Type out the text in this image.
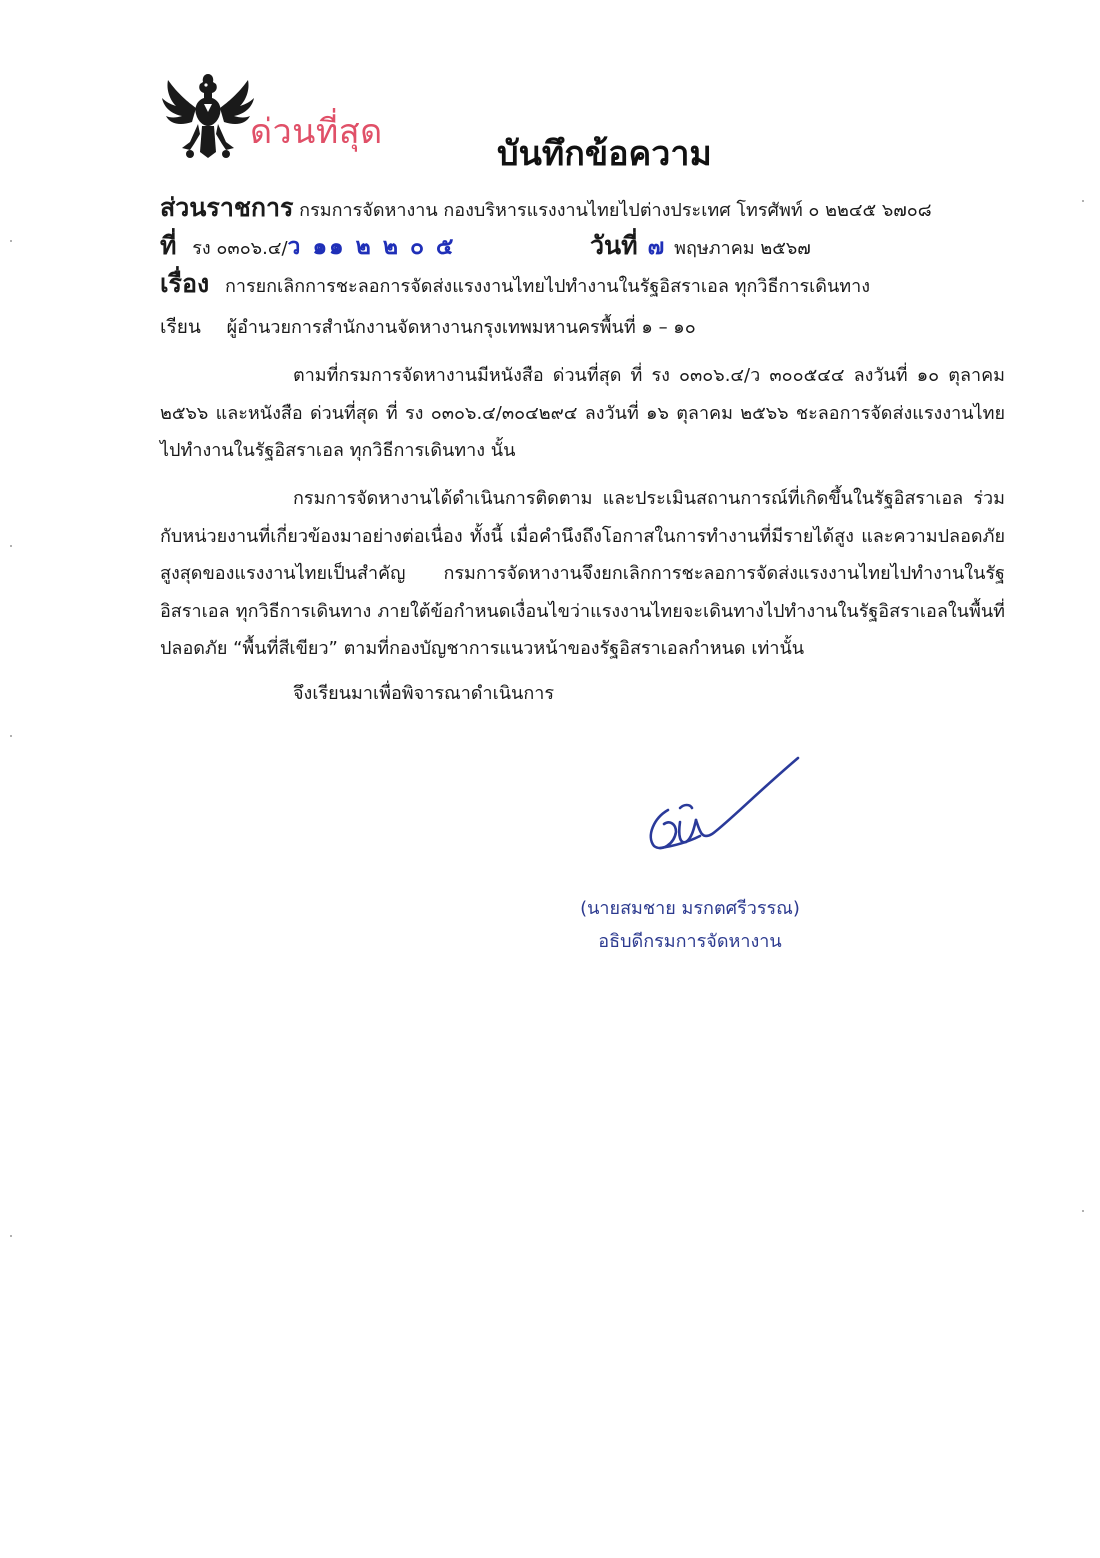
ด่วนที่สุด
บันทึกข้อความ
ส่วนราชการ กรมการจัดหางาน กองบริหารแรงงานไทยไปต่างประเทศ โทรศัพท์ ๐ ๒๒๔๕ ๖๗๐๘
ที่ รง ๐๓๐๖.๔/ว ๑๑ ๒ ๒ ๐ ๕	วันที่ ๗ พฤษภาคม ๒๕๖๗
เรื่อง การยกเลิกการชะลอการจัดส่งแรงงานไทยไปทำงานในรัฐอิสราเอล ทุกวิธีการเดินทาง
เรียน ผู้อำนวยการสำนักงานจัดหางานกรุงเทพมหานครพื้นที่ ๑ – ๑๐

ตามที่กรมการจัดหางานมีหนังสือ ด่วนที่สุด ที่ รง ๐๓๐๖.๔/ว ๓๐๐๕๔๔ ลงวันที่ ๑๐ ตุลาคม ๒๕๖๖ และหนังสือ ด่วนที่สุด ที่ รง ๐๓๐๖.๔/๓๐๔๒๙๔ ลงวันที่ ๑๖ ตุลาคม ๒๕๖๖ ชะลอการจัดส่งแรงงานไทยไปทำงานในรัฐอิสราเอล ทุกวิธีการเดินทาง นั้น

กรมการจัดหางานได้ดำเนินการติดตาม และประเมินสถานการณ์ที่เกิดขึ้นในรัฐอิสราเอล ร่วมกับหน่วยงานที่เกี่ยวข้องมาอย่างต่อเนื่อง ทั้งนี้ เมื่อคำนึงถึงโอกาสในการทำงานที่มีรายได้สูง และความปลอดภัยสูงสุดของแรงงานไทยเป็นสำคัญ กรมการจัดหางานจึงยกเลิกการชะลอการจัดส่งแรงงานไทยไปทำงานในรัฐอิสราเอล ทุกวิธีการเดินทาง ภายใต้ข้อกำหนดเงื่อนไขว่าแรงงานไทยจะเดินทางไปทำงานในรัฐอิสราเอลในพื้นที่ปลอดภัย “พื้นที่สีเขียว” ตามที่กองบัญชาการแนวหน้าของรัฐอิสราเอลกำหนด เท่านั้น

จึงเรียนมาเพื่อพิจารณาดำเนินการ
(นายสมชาย มรกตศรีวรรณ)
อธิบดีกรมการจัดหางาน
